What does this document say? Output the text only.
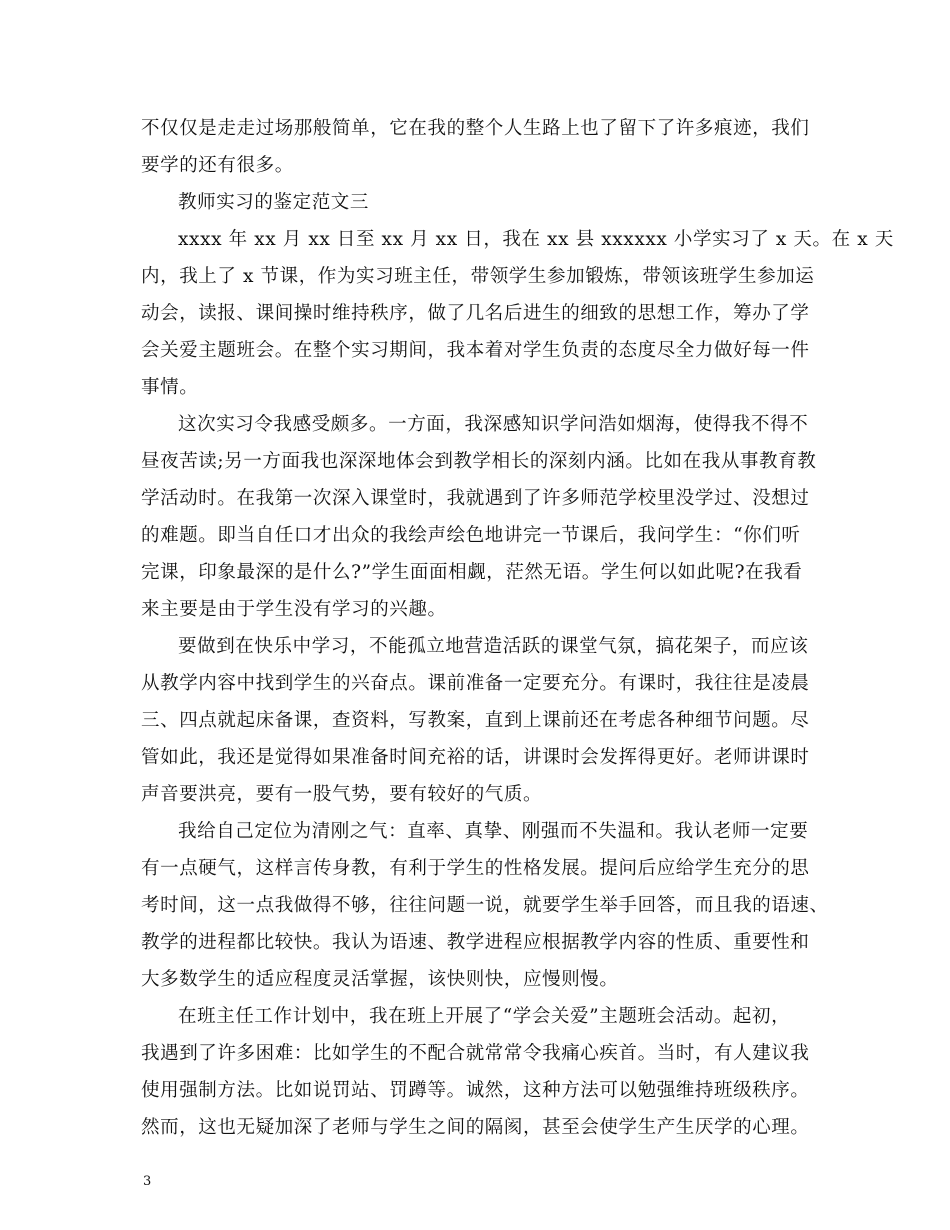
不仅仅是走走过场那般简单，它在我的整个人生路上也了留下了许多痕迹，我们
要学的还有很多。
教师实习的鉴定范文三
xxxx 年 xx 月 xx 日至 xx 月 xx 日，我在 xx 县 xxxxxx 小学实习了 x 天。在 x 天
内，我上了 x 节课，作为实习班主任，带领学生参加锻炼，带领该班学生参加运
动会，读报、课间操时维持秩序，做了几名后进生的细致的思想工作，筹办了学
会关爱主题班会。在整个实习期间，我本着对学生负责的态度尽全力做好每一件
事情。
这次实习令我感受颇多。一方面，我深感知识学问浩如烟海，使得我不得不
昼夜苦读;另一方面我也深深地体会到教学相长的深刻内涵。比如在我从事教育教
学活动时。在我第一次深入课堂时，我就遇到了许多师范学校里没学过、没想过
的难题。即当自任口才出众的我绘声绘色地讲完一节课后，我问学生：“你们听
完课，印象最深的是什么?”学生面面相觑，茫然无语。学生何以如此呢?在我看
来主要是由于学生没有学习的兴趣。
要做到在快乐中学习，不能孤立地营造活跃的课堂气氛，搞花架子，而应该
从教学内容中找到学生的兴奋点。课前准备一定要充分。有课时，我往往是凌晨
三、四点就起床备课，查资料，写教案，直到上课前还在考虑各种细节问题。尽
管如此，我还是觉得如果准备时间充裕的话，讲课时会发挥得更好。老师讲课时
声音要洪亮，要有一股气势，要有较好的气质。
我给自己定位为清刚之气：直率、真挚、刚强而不失温和。我认老师一定要
有一点硬气，这样言传身教，有利于学生的性格发展。提问后应给学生充分的思
考时间，这一点我做得不够，往往问题一说，就要学生举手回答，而且我的语速、
教学的进程都比较快。我认为语速、教学进程应根据教学内容的性质、重要性和
大多数学生的适应程度灵活掌握，该快则快，应慢则慢。
在班主任工作计划中，我在班上开展了“学会关爱”主题班会活动。起初，
我遇到了许多困难：比如学生的不配合就常常令我痛心疾首。当时，有人建议我
使用强制方法。比如说罚站、罚蹲等。诚然，这种方法可以勉强维持班级秩序。
然而，这也无疑加深了老师与学生之间的隔阂，甚至会使学生产生厌学的心理。
3
